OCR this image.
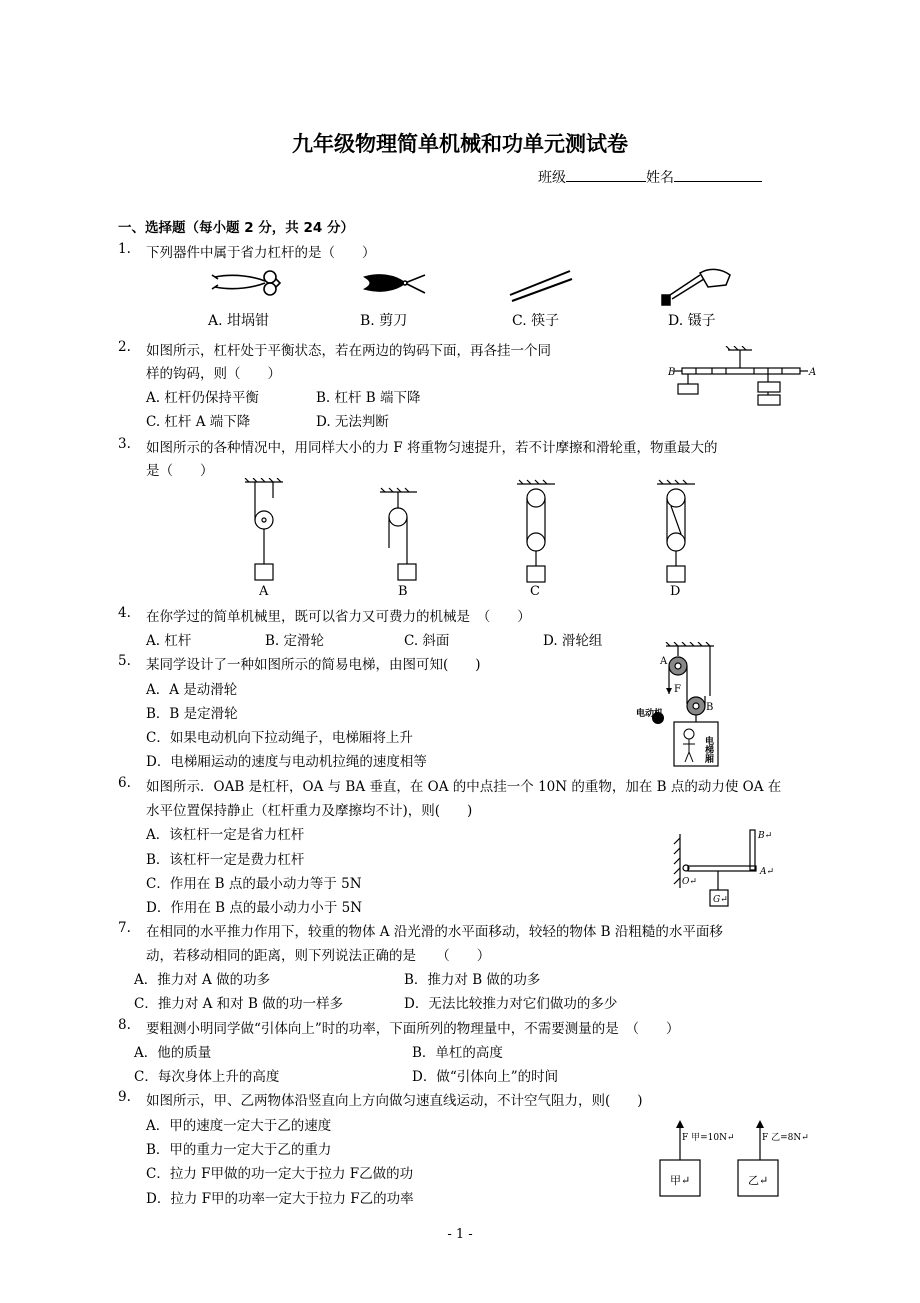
九年级物理简单机械和功单元测试卷
班级	姓名
一、选择题（每小题 2 分，共 24 分）
1. 下列器件中属于省力杠杆的是（　　）
A. 坩埚钳	B. 剪刀	C. 筷子	D. 镊子
2. 如图所示，杠杆处于平衡状态，若在两边的钩码下面，再各挂一个同
样的钩码，则（　　）
A. 杠杆仍保持平衡	B. 杠杆 B 端下降
C. 杠杆 A 端下降	D. 无法判断
B	A
3. 如图所示的各种情况中，用同样大小的力 F 将重物匀速提升，若不计摩擦和滑轮重，物重最大的
是（　　）
A	B	C	D
4. 在你学过的简单机械里，既可以省力又可费力的机械是　（　　）
A. 杠杆	B. 定滑轮	C. 斜面	D. 滑轮组
5. 某同学设计了一种如图所示的简易电梯，由图可知(　　)
A．A 是动滑轮
B．B 是定滑轮
C．如果电动机向下拉动绳子，电梯厢将上升
D．电梯厢运动的速度与电动机拉绳的速度相等
A
F
B
电动机
电梯厢
6. 如图所示．OAB 是杠杆，OA 与 BA 垂直，在 OA 的中点挂一个 10N 的重物，加在 B 点的动力使 OA 在
水平位置保持静止（杠杆重力及摩擦均不计)，则(　　)
A．该杠杆一定是省力杠杆
B．该杠杆一定是费力杠杆
C．作用在 B 点的最小动力等于 5N
D．作用在 B 点的最小动力小于 5N
B↵
A↵
O↵
G↵
7. 在相同的水平推力作用下，较重的物体 A 沿光滑的水平面移动，较轻的物体 B 沿粗糙的水平面移
动，若移动相同的距离，则下列说法正确的是　　（　　）
A．推力对 A 做的功多	B．推力对 B 做的功多
C．推力对 A 和对 B 做的功一样多	D．无法比较推力对它们做功的多少
8. 要粗测小明同学做“引体向上”时的功率，下面所列的物理量中，不需要测量的是　（　　）
A．他的质量	B．单杠的高度
C．每次身体上升的高度	D．做“引体向上”的时间
9. 如图所示，甲、乙两物体沿竖直向上方向做匀速直线运动，不计空气阻力，则(　　)
A．甲的速度一定大于乙的速度
B．甲的重力一定大于乙的重力
C．拉力 F甲做的功一定大于拉力 F乙做的功
D．拉力 F甲的功率一定大于拉力 F乙的功率
F 甲=10N↵	F 乙=8N↵
甲↵	乙↵
- 1 -
